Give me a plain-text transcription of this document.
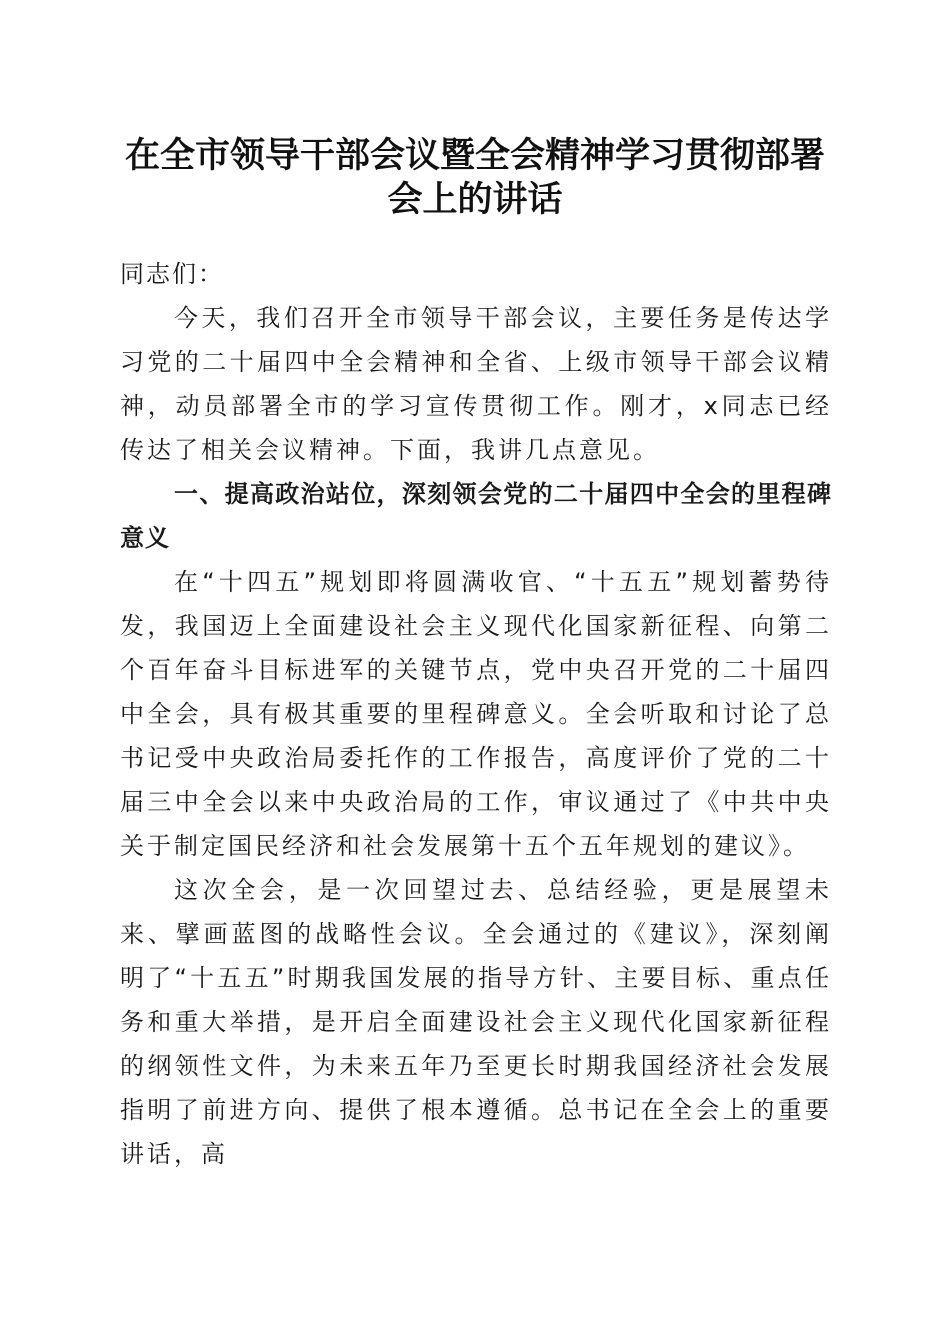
在全市领导干部会议暨全会精神学习贯彻部署
会上的讲话

同志们：

今天，我们召开全市领导干部会议，主要任务是传达学习党的二十届四中全会精神和全省、上级市领导干部会议精神，动员部署全市的学习宣传贯彻工作。刚才，x同志已经传达了相关会议精神。下面，我讲几点意见。

一、提高政治站位，深刻领会党的二十届四中全会的里程碑意义

在“十四五”规划即将圆满收官、“十五五”规划蓄势待发，我国迈上全面建设社会主义现代化国家新征程、向第二个百年奋斗目标进军的关键节点，党中央召开党的二十届四中全会，具有极其重要的里程碑意义。全会听取和讨论了总书记受中央政治局委托作的工作报告，高度评价了党的二十届三中全会以来中央政治局的工作，审议通过了《中共中央关于制定国民经济和社会发展第十五个五年规划的建议》。

这次全会，是一次回望过去、总结经验，更是展望未来、擘画蓝图的战略性会议。全会通过的《建议》，深刻阐明了“十五五”时期我国发展的指导方针、主要目标、重点任务和重大举措，是开启全面建设社会主义现代化国家新征程的纲领性文件，为未来五年乃至更长时期我国经济社会发展指明了前进方向、提供了根本遵循。总书记在全会上的重要讲话，高
